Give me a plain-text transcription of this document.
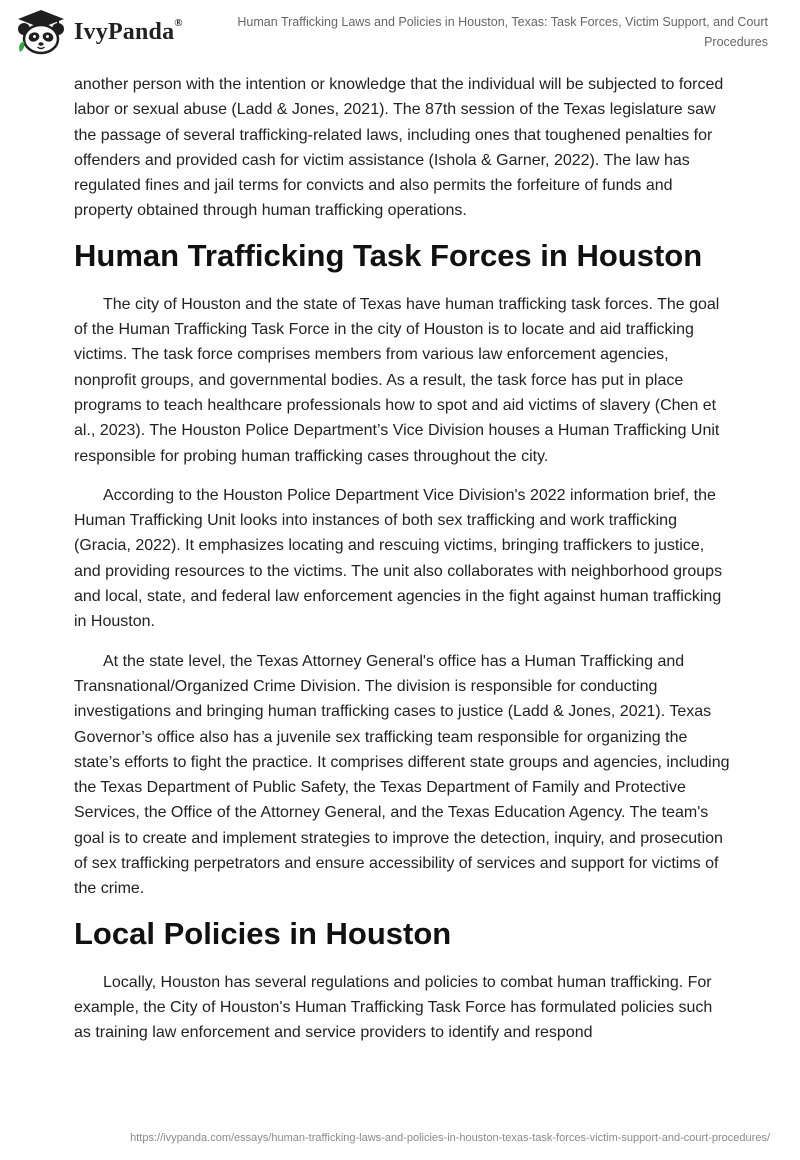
IvyPanda®	Human Trafficking Laws and Policies in Houston, Texas: Task Forces, Victim Support, and Court Procedures

another person with the intention or knowledge that the individual will be subjected to forced labor or sexual abuse (Ladd & Jones, 2021). The 87th session of the Texas legislature saw the passage of several trafficking-related laws, including ones that toughened penalties for offenders and provided cash for victim assistance (Ishola & Garner, 2022). The law has regulated fines and jail terms for convicts and also permits the forfeiture of funds and property obtained through human trafficking operations.

Human Trafficking Task Forces in Houston

The city of Houston and the state of Texas have human trafficking task forces. The goal of the Human Trafficking Task Force in the city of Houston is to locate and aid trafficking victims. The task force comprises members from various law enforcement agencies, nonprofit groups, and governmental bodies. As a result, the task force has put in place programs to teach healthcare professionals how to spot and aid victims of slavery (Chen et al., 2023). The Houston Police Department’s Vice Division houses a Human Trafficking Unit responsible for probing human trafficking cases throughout the city.

According to the Houston Police Department Vice Division's 2022 information brief, the Human Trafficking Unit looks into instances of both sex trafficking and work trafficking (Gracia, 2022). It emphasizes locating and rescuing victims, bringing traffickers to justice, and providing resources to the victims. The unit also collaborates with neighborhood groups and local, state, and federal law enforcement agencies in the fight against human trafficking in Houston.

At the state level, the Texas Attorney General's office has a Human Trafficking and Transnational/Organized Crime Division. The division is responsible for conducting investigations and bringing human trafficking cases to justice (Ladd & Jones, 2021). Texas Governor’s office also has a juvenile sex trafficking team responsible for organizing the state’s efforts to fight the practice. It comprises different state groups and agencies, including the Texas Department of Public Safety, the Texas Department of Family and Protective Services, the Office of the Attorney General, and the Texas Education Agency. The team's goal is to create and implement strategies to improve the detection, inquiry, and prosecution of sex trafficking perpetrators and ensure accessibility of services and support for victims of the crime.

Local Policies in Houston

Locally, Houston has several regulations and policies to combat human trafficking. For example, the City of Houston's Human Trafficking Task Force has formulated policies such as training law enforcement and service providers to identify and respond

https://ivypanda.com/essays/human-trafficking-laws-and-policies-in-houston-texas-task-forces-victim-support-and-court-procedures/
